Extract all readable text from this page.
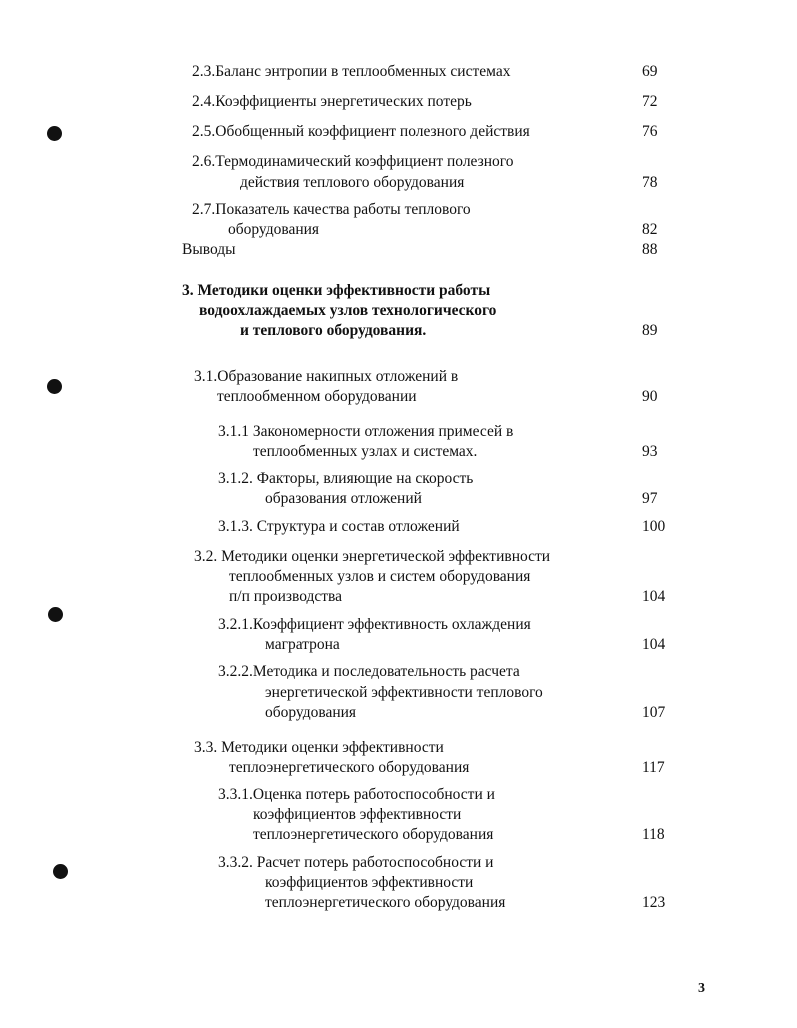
2.3.Баланс энтропии в теплообменных системах	69
2.4.Коэффициенты энергетических потерь	72
2.5.Обобщенный коэффициент полезного действия	76
2.6.Термодинамический коэффициент полезного
действия теплового оборудования	78
2.7.Показатель качества работы теплового
оборудования	82
Выводы	88
3. Методики оценки эффективности работы
водоохлаждаемых узлов технологического
и теплового оборудования.	89
3.1.Образование накипных отложений в
теплообменном оборудовании	90
3.1.1 Закономерности отложения примесей в
теплообменных узлах и системах.	93
3.1.2. Факторы, влияющие на скорость
образования отложений	97
3.1.3. Структура и состав отложений	100
3.2. Методики оценки энергетической эффективности
теплообменных узлов и систем оборудования
п/п производства	104
3.2.1.Коэффициент эффективность охлаждения
магратрона	104
3.2.2.Методика и последовательность расчета
энергетической эффективности теплового
оборудования	107
3.3. Методики оценки эффективности
теплоэнергетического оборудования	117
3.3.1.Оценка потерь работоспособности и
коэффициентов эффективности
теплоэнергетического оборудования	118
3.3.2. Расчет потерь работоспособности и
коэффициентов эффективности
теплоэнергетического оборудования	123
3
